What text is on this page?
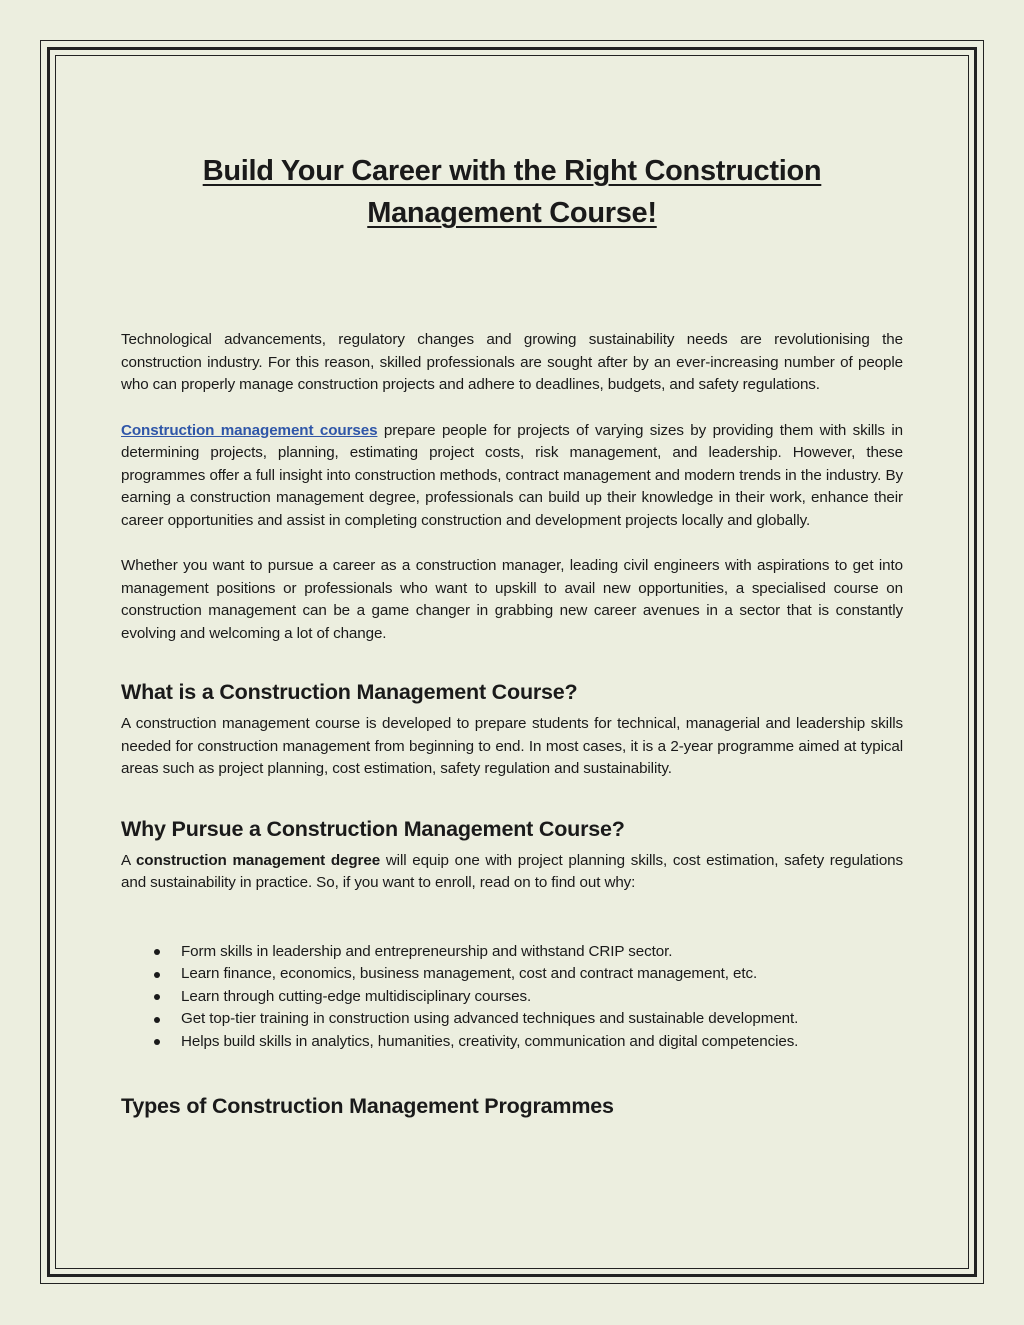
Build Your Career with the Right Construction
Management Course!

Technological advancements, regulatory changes and growing sustainability needs are revolutionising the construction industry. For this reason, skilled professionals are sought after by an ever-increasing number of people who can properly manage construction projects and adhere to deadlines, budgets, and safety regulations.

Construction management courses prepare people for projects of varying sizes by providing them with skills in determining projects, planning, estimating project costs, risk management, and leadership. However, these programmes offer a full insight into construction methods, contract management and modern trends in the industry. By earning a construction management degree, professionals can build up their knowledge in their work, enhance their career opportunities and assist in completing construction and development projects locally and globally.

Whether you want to pursue a career as a construction manager, leading civil engineers with aspirations to get into management positions or professionals who want to upskill to avail new opportunities, a specialised course on construction management can be a game changer in grabbing new career avenues in a sector that is constantly evolving and welcoming a lot of change.

What is a Construction Management Course?

A construction management course is developed to prepare students for technical, managerial and leadership skills needed for construction management from beginning to end. In most cases, it is a 2-year programme aimed at typical areas such as project planning, cost estimation, safety regulation and sustainability.

Why Pursue a Construction Management Course?

A construction management degree will equip one with project planning skills, cost estimation, safety regulations and sustainability in practice. So, if you want to enroll, read on to find out why:

Form skills in leadership and entrepreneurship and withstand CRIP sector.
Learn finance, economics, business management, cost and contract management, etc.
Learn through cutting-edge multidisciplinary courses.
Get top-tier training in construction using advanced techniques and sustainable development.
Helps build skills in analytics, humanities, creativity, communication and digital competencies.
Types of Construction Management Programmes
